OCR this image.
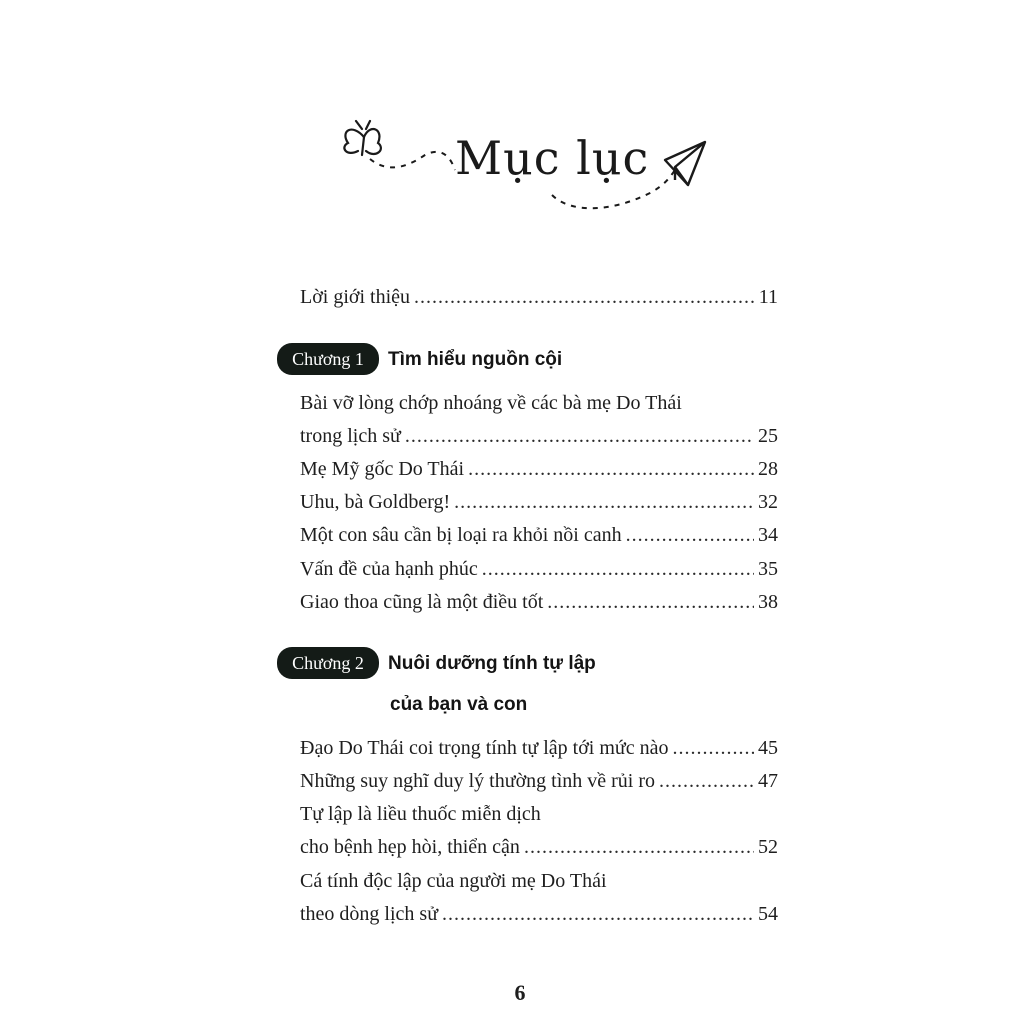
Mục lục
Lời giới thiệu .....	11
Chương 1	Tìm hiểu nguồn cội
Bài vỡ lòng chớp nhoáng về các bà mẹ Do Thái
trong lịch sử .....	25
Mẹ Mỹ gốc Do Thái .....	28
Uhu, bà Goldberg! .....	32
Một con sâu cần bị loại ra khỏi nồi canh .....	34
Vấn đề của hạnh phúc .....	35
Giao thoa cũng là một điều tốt .....	38
Chương 2	Nuôi dưỡng tính tự lập
của bạn và con
Đạo Do Thái coi trọng tính tự lập tới mức nào .....	45
Những suy nghĩ duy lý thường tình về rủi ro .....	47
Tự lập là liều thuốc miễn dịch
cho bệnh hẹp hòi, thiển cận .....	52
Cá tính độc lập của người mẹ Do Thái
theo dòng lịch sử .....	54
6
